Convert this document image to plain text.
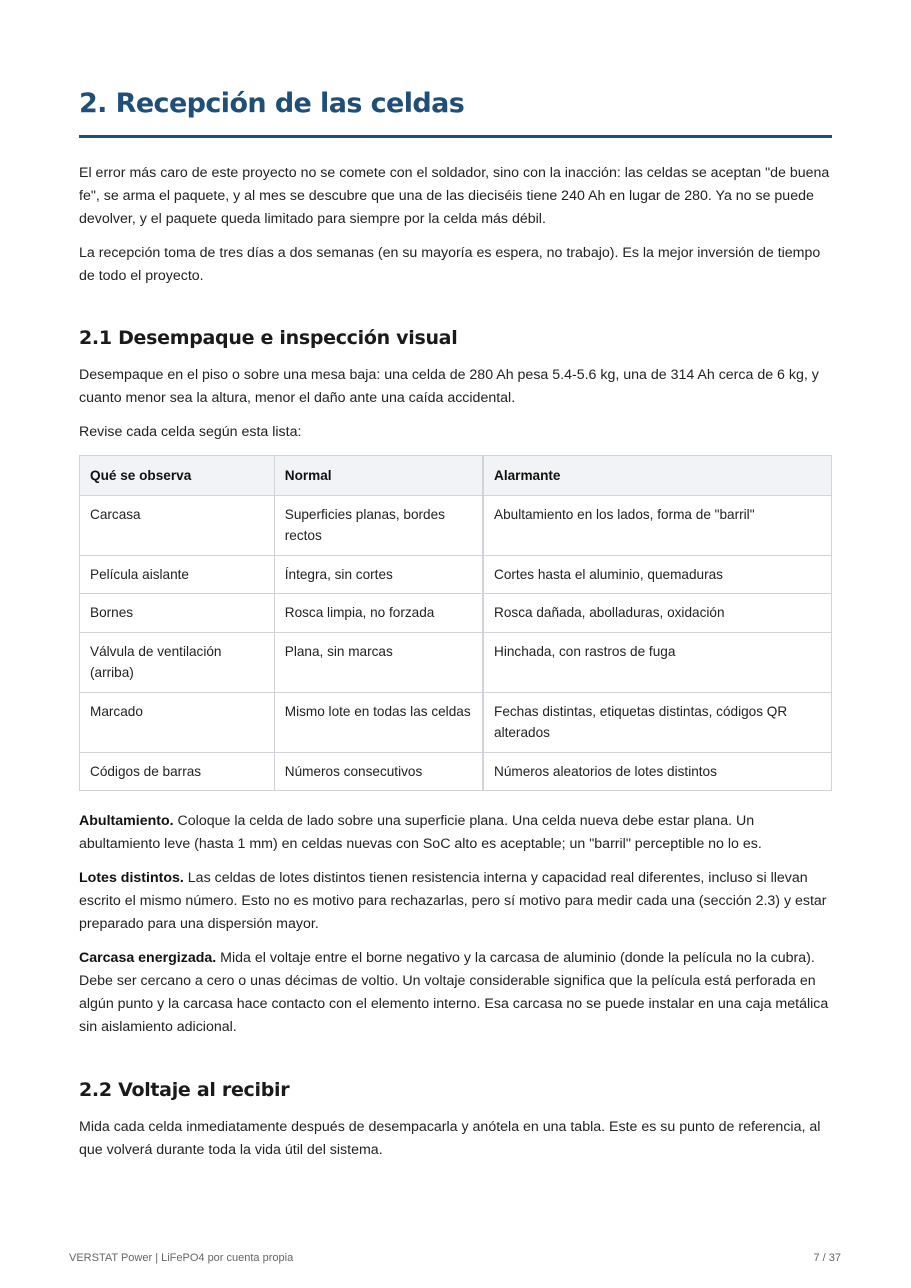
2. Recepción de las celdas

El error más caro de este proyecto no se comete con el soldador, sino con la inacción: las celdas se aceptan "de buena fe", se arma el paquete, y al mes se descubre que una de las dieciséis tiene 240 Ah en lugar de 280. Ya no se puede devolver, y el paquete queda limitado para siempre por la celda más débil.

La recepción toma de tres días a dos semanas (en su mayoría es espera, no trabajo). Es la mejor inversión de tiempo de todo el proyecto.

2.1 Desempaque e inspección visual

Desempaque en el piso o sobre una mesa baja: una celda de 280 Ah pesa 5.4-5.6 kg, una de 314 Ah cerca de 6 kg, y cuanto menor sea la altura, menor el daño ante una caída accidental.

Revise cada celda según esta lista:

Qué se observa	Normal	Alarmante
Carcasa	Superficies planas, bordes rectos	Abultamiento en los lados, forma de "barril"
Película aislante	Íntegra, sin cortes	Cortes hasta el aluminio, quemaduras
Bornes	Rosca limpia, no forzada	Rosca dañada, abolladuras, oxidación
Válvula de ventilación (arriba)	Plana, sin marcas	Hinchada, con rastros de fuga
Marcado	Mismo lote en todas las celdas	Fechas distintas, etiquetas distintas, códigos QR alterados
Códigos de barras	Números consecutivos	Números aleatorios de lotes distintos

Abultamiento. Coloque la celda de lado sobre una superficie plana. Una celda nueva debe estar plana. Un abultamiento leve (hasta 1 mm) en celdas nuevas con SoC alto es aceptable; un "barril" perceptible no lo es.

Lotes distintos. Las celdas de lotes distintos tienen resistencia interna y capacidad real diferentes, incluso si llevan escrito el mismo número. Esto no es motivo para rechazarlas, pero sí motivo para medir cada una (sección 2.3) y estar preparado para una dispersión mayor.

Carcasa energizada. Mida el voltaje entre el borne negativo y la carcasa de aluminio (donde la película no la cubra). Debe ser cercano a cero o unas décimas de voltio. Un voltaje considerable significa que la película está perforada en algún punto y la carcasa hace contacto con el elemento interno. Esa carcasa no se puede instalar en una caja metálica sin aislamiento adicional.

2.2 Voltaje al recibir

Mida cada celda inmediatamente después de desempacarla y anótela en una tabla. Este es su punto de referencia, al que volverá durante toda la vida útil del sistema.

VERSTAT Power | LiFePO4 por cuenta propia	7 / 37
